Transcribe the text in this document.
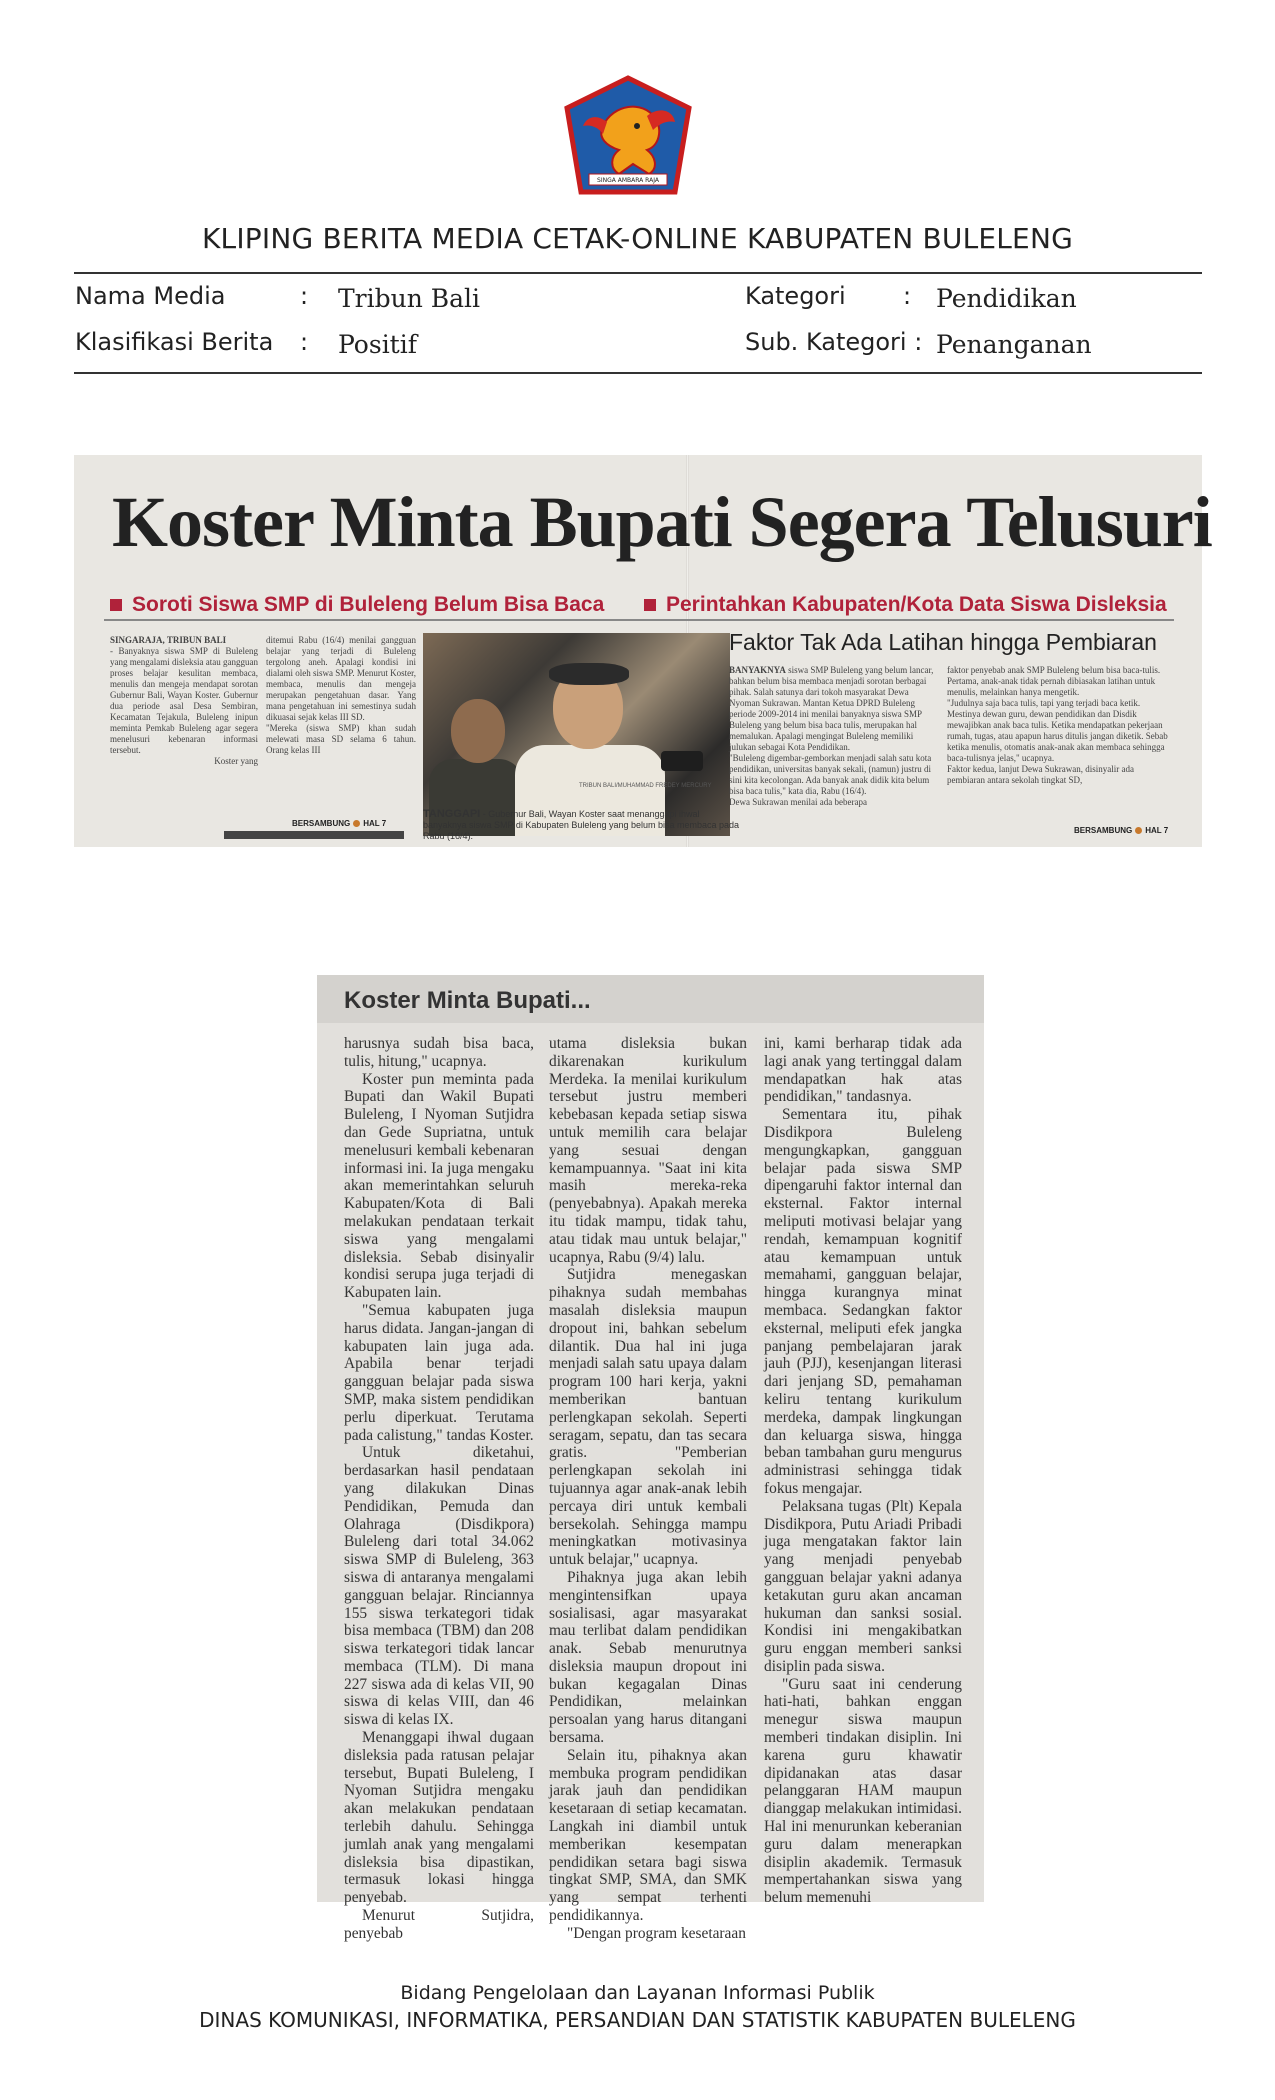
SINGA AMBARA RAJA
KLIPING BERITA MEDIA CETAK-ONLINE KABUPATEN BULELENG
Nama Media	: Tribun Bali
Klasifikasi Berita : Positif
Kategori : Pendidikan
Sub. Kategori : Penanganan
Koster Minta Bupati Segera Telusuri
Soroti Siswa SMP di Buleleng Belum Bisa Baca	Perintahkan Kabupaten/Kota Data Siswa Disleksia
SINGARAJA, TRIBUN BALI
- Banyaknya siswa SMP di Buleleng yang mengalami disleksia atau gangguan proses belajar kesulitan membaca, menulis dan mengeja mendapat sorotan Gubernur Bali, Wayan Koster. Gubernur dua periode asal Desa Sembiran, Kecamatan Tejakula, Buleleng inipun meminta Pemkab Buleleng agar segera menelusuri kebenaran informasi tersebut.
Koster yang
ditemui Rabu (16/4) menilai gangguan belajar yang terjadi di Buleleng tergolong aneh. Apalagi kondisi ini dialami oleh siswa SMP. Menurut Koster, membaca, menulis dan mengeja merupakan pengetahuan dasar. Yang mana pengetahuan ini semestinya sudah dikuasai sejak kelas III SD.
"Mereka (siswa SMP) khan sudah melewati masa SD selama 6 tahun. Orang kelas III
BERSAMBUNG HAL 7
TRIBUN BALI/MUHAMMAD FREDEY MERCURY
TANGGAPI - Gubernur Bali, Wayan Koster saat menanggapi ihwal banyaknya siswa SMP di Kabupaten Buleleng yang belum bisa membaca pada Rabu (16/4).
Faktor Tak Ada Latihan hingga Pembiaran
BANYAKNYA siswa SMP Buleleng yang belum lancar, bahkan belum bisa membaca menjadi sorotan berbagai pihak. Salah satunya dari tokoh masyarakat Dewa Nyoman Sukrawan. Mantan Ketua DPRD Buleleng periode 2009-2014 ini menilai banyaknya siswa SMP Buleleng yang belum bisa baca tulis, merupakan hal memalukan. Apalagi mengingat Buleleng memiliki julukan sebagai Kota Pendidikan.
"Buleleng digembar-gemborkan menjadi salah satu kota pendidikan, universitas banyak sekali, (namun) justru di sini kita kecolongan. Ada banyak anak didik kita belum bisa baca tulis," kata dia, Rabu (16/4).
Dewa Sukrawan menilai ada beberapa
faktor penyebab anak SMP Buleleng belum bisa baca-tulis. Pertama, anak-anak tidak pernah dibiasakan latihan untuk menulis, melainkan hanya mengetik.
"Judulnya saja baca tulis, tapi yang terjadi baca ketik. Mestinya dewan guru, dewan pendidikan dan Disdik mewajibkan anak baca tulis. Ketika mendapatkan pekerjaan rumah, tugas, atau apapun harus ditulis jangan diketik. Sebab ketika menulis, otomatis anak-anak akan membaca sehingga baca-tulisnya jelas," ucapnya.
Faktor kedua, lanjut Dewa Sukrawan, disinyalir ada pembiaran antara sekolah tingkat SD,
BERSAMBUNG HAL 7
Koster Minta Bupati...

harusnya sudah bisa baca, tulis, hitung," ucapnya.

Koster pun meminta pada Bupati dan Wakil Bupati Buleleng, I Nyoman Sutjidra dan Gede Supriatna, untuk menelusuri kembali kebenaran informasi ini. Ia juga mengaku akan memerintahkan seluruh Kabupaten/Kota di Bali melakukan pendataan terkait siswa yang mengalami disleksia. Sebab disinyalir kondisi serupa juga terjadi di Kabupaten lain.

"Semua kabupaten juga harus didata. Jangan-jangan di kabupaten lain juga ada. Apabila benar terjadi gangguan belajar pada siswa SMP, maka sistem pendidikan perlu diperkuat. Terutama pada calistung," tandas Koster.

Untuk diketahui, berdasarkan hasil pendataan yang dilakukan Dinas Pendidikan, Pemuda dan Olahraga (Disdikpora) Buleleng dari total 34.062 siswa SMP di Buleleng, 363 siswa di antaranya mengalami gangguan belajar. Rinciannya 155 siswa terkategori tidak bisa membaca (TBM) dan 208 siswa terkategori tidak lancar membaca (TLM). Di mana 227 siswa ada di kelas VII, 90 siswa di kelas VIII, dan 46 siswa di kelas IX.

Menanggapi ihwal dugaan disleksia pada ratusan pelajar tersebut, Bupati Buleleng, I Nyoman Sutjidra mengaku akan melakukan pendataan terlebih dahulu. Sehingga jumlah anak yang mengalami disleksia bisa dipastikan, termasuk lokasi hingga penyebab.

Menurut Sutjidra, penyebab

utama disleksia bukan dikarenakan kurikulum Merdeka. Ia menilai kurikulum tersebut justru memberi kebebasan kepada setiap siswa untuk memilih cara belajar yang sesuai dengan kemampuannya. "Saat ini kita masih mereka-reka (penyebabnya). Apakah mereka itu tidak mampu, tidak tahu, atau tidak mau untuk belajar," ucapnya, Rabu (9/4) lalu.

Sutjidra menegaskan pihaknya sudah membahas masalah disleksia maupun dropout ini, bahkan sebelum dilantik. Dua hal ini juga menjadi salah satu upaya dalam program 100 hari kerja, yakni memberikan bantuan perlengkapan sekolah. Seperti seragam, sepatu, dan tas secara gratis. "Pemberian perlengkapan sekolah ini tujuannya agar anak-anak lebih percaya diri untuk kembali bersekolah. Sehingga mampu meningkatkan motivasinya untuk belajar," ucapnya.

Pihaknya juga akan lebih mengintensifkan upaya sosialisasi, agar masyarakat mau terlibat dalam pendidikan anak. Sebab menurutnya disleksia maupun dropout ini bukan kegagalan Dinas Pendidikan, melainkan persoalan yang harus ditangani bersama.

Selain itu, pihaknya akan membuka program pendidikan jarak jauh dan pendidikan kesetaraan di setiap kecamatan. Langkah ini diambil untuk memberikan kesempatan pendidikan setara bagi siswa tingkat SMP, SMA, dan SMK yang sempat terhenti pendidikannya.

"Dengan program kesetaraan

ini, kami berharap tidak ada lagi anak yang tertinggal dalam mendapatkan hak atas pendidikan," tandasnya.

Sementara itu, pihak Disdikpora Buleleng mengungkapkan, gangguan belajar pada siswa SMP dipengaruhi faktor internal dan eksternal. Faktor internal meliputi motivasi belajar yang rendah, kemampuan kognitif atau kemampuan untuk memahami, gangguan belajar, hingga kurangnya minat membaca. Sedangkan faktor eksternal, meliputi efek jangka panjang pembelajaran jarak jauh (PJJ), kesenjangan literasi dari jenjang SD, pemahaman keliru tentang kurikulum merdeka, dampak lingkungan dan keluarga siswa, hingga beban tambahan guru mengurus administrasi sehingga tidak fokus mengajar.

Pelaksana tugas (Plt) Kepala Disdikpora, Putu Ariadi Pribadi juga mengatakan faktor lain yang menjadi penyebab gangguan belajar yakni adanya ketakutan guru akan ancaman hukuman dan sanksi sosial. Kondisi ini mengakibatkan guru enggan memberi sanksi disiplin pada siswa.

"Guru saat ini cenderung hati-hati, bahkan enggan menegur siswa maupun memberi tindakan disiplin. Ini karena guru khawatir dipidanakan atas dasar pelanggaran HAM maupun dianggap melakukan intimidasi. Hal ini menurunkan keberanian guru dalam menerapkan disiplin akademik. Termasuk mempertahankan siswa yang belum memenuhi

Bidang Pengelolaan dan Layanan Informasi Publik
DINAS KOMUNIKASI, INFORMATIKA, PERSANDIAN DAN STATISTIK KABUPATEN BULELENG
